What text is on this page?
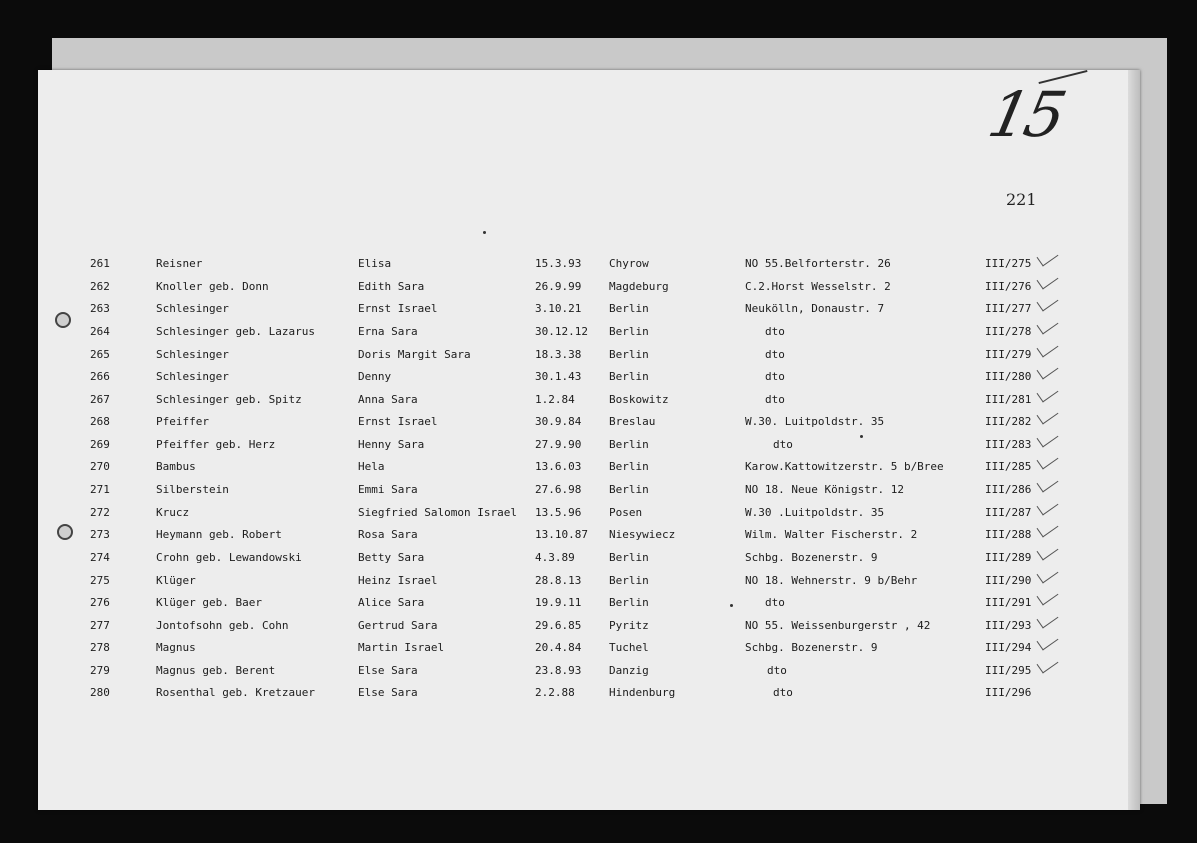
15
221
261	Reisner	Elisa	15.3.93	Chyrow	NO 55.Belforterstr. 26	III/275
262	Knoller geb. Donn	Edith Sara	26.9.99	Magdeburg	C.2.Horst Wesselstr. 2	III/276
263	Schlesinger	Ernst Israel	3.10.21	Berlin	Neukölln, Donaustr. 7	III/277
264	Schlesinger geb. Lazarus	Erna Sara	30.12.12 Berlin	dto	III/278
265	Schlesinger	Doris Margit Sara	18.3.38	Berlin	dto	III/279
266	Schlesinger	Denny	30.1.43	Berlin	dto	III/280
267	Schlesinger geb. Spitz	Anna Sara	1.2.84	Boskowitz	dto	III/281
268	Pfeiffer	Ernst Israel	30.9.84	Breslau	W.30. Luitpoldstr. 35	III/282
269	Pfeiffer geb. Herz	Henny Sara	27.9.90	Berlin	dto	III/283
270	Bambus	Hela	13.6.03	Berlin	Karow.Kattowitzerstr. 5 b/Bree	III/285
271	Silberstein	Emmi Sara	27.6.98	Berlin	NO 18. Neue Königstr. 12	III/286
272	Krucz	Siegfried Salomon Israel 13.5.96	Posen	W.30 .Luitpoldstr. 35	III/287
273	Heymann geb. Robert	Rosa Sara	13.10.87 Niesywiecz	Wilm. Walter Fischerstr. 2	III/288
274	Crohn geb. Lewandowski	Betty Sara	4.3.89	Berlin	Schbg. Bozenerstr. 9	III/289
275	Klüger	Heinz Israel	28.8.13	Berlin	NO 18. Wehnerstr. 9 b/Behr	III/290
276	Klüger geb. Baer	Alice Sara	19.9.11	Berlin	dto	III/291
277	Jontofsohn geb. Cohn	Gertrud Sara	29.6.85	Pyritz	NO 55. Weissenburgerstr , 42	III/293
278	Magnus	Martin Israel	20.4.84	Tuchel	Schbg. Bozenerstr. 9	III/294
279	Magnus geb. Berent	Else Sara	23.8.93	Danzig	dto	III/295
280	Rosenthal geb. Kretzauer	Else Sara	2.2.88	Hindenburg	dto	III/296
